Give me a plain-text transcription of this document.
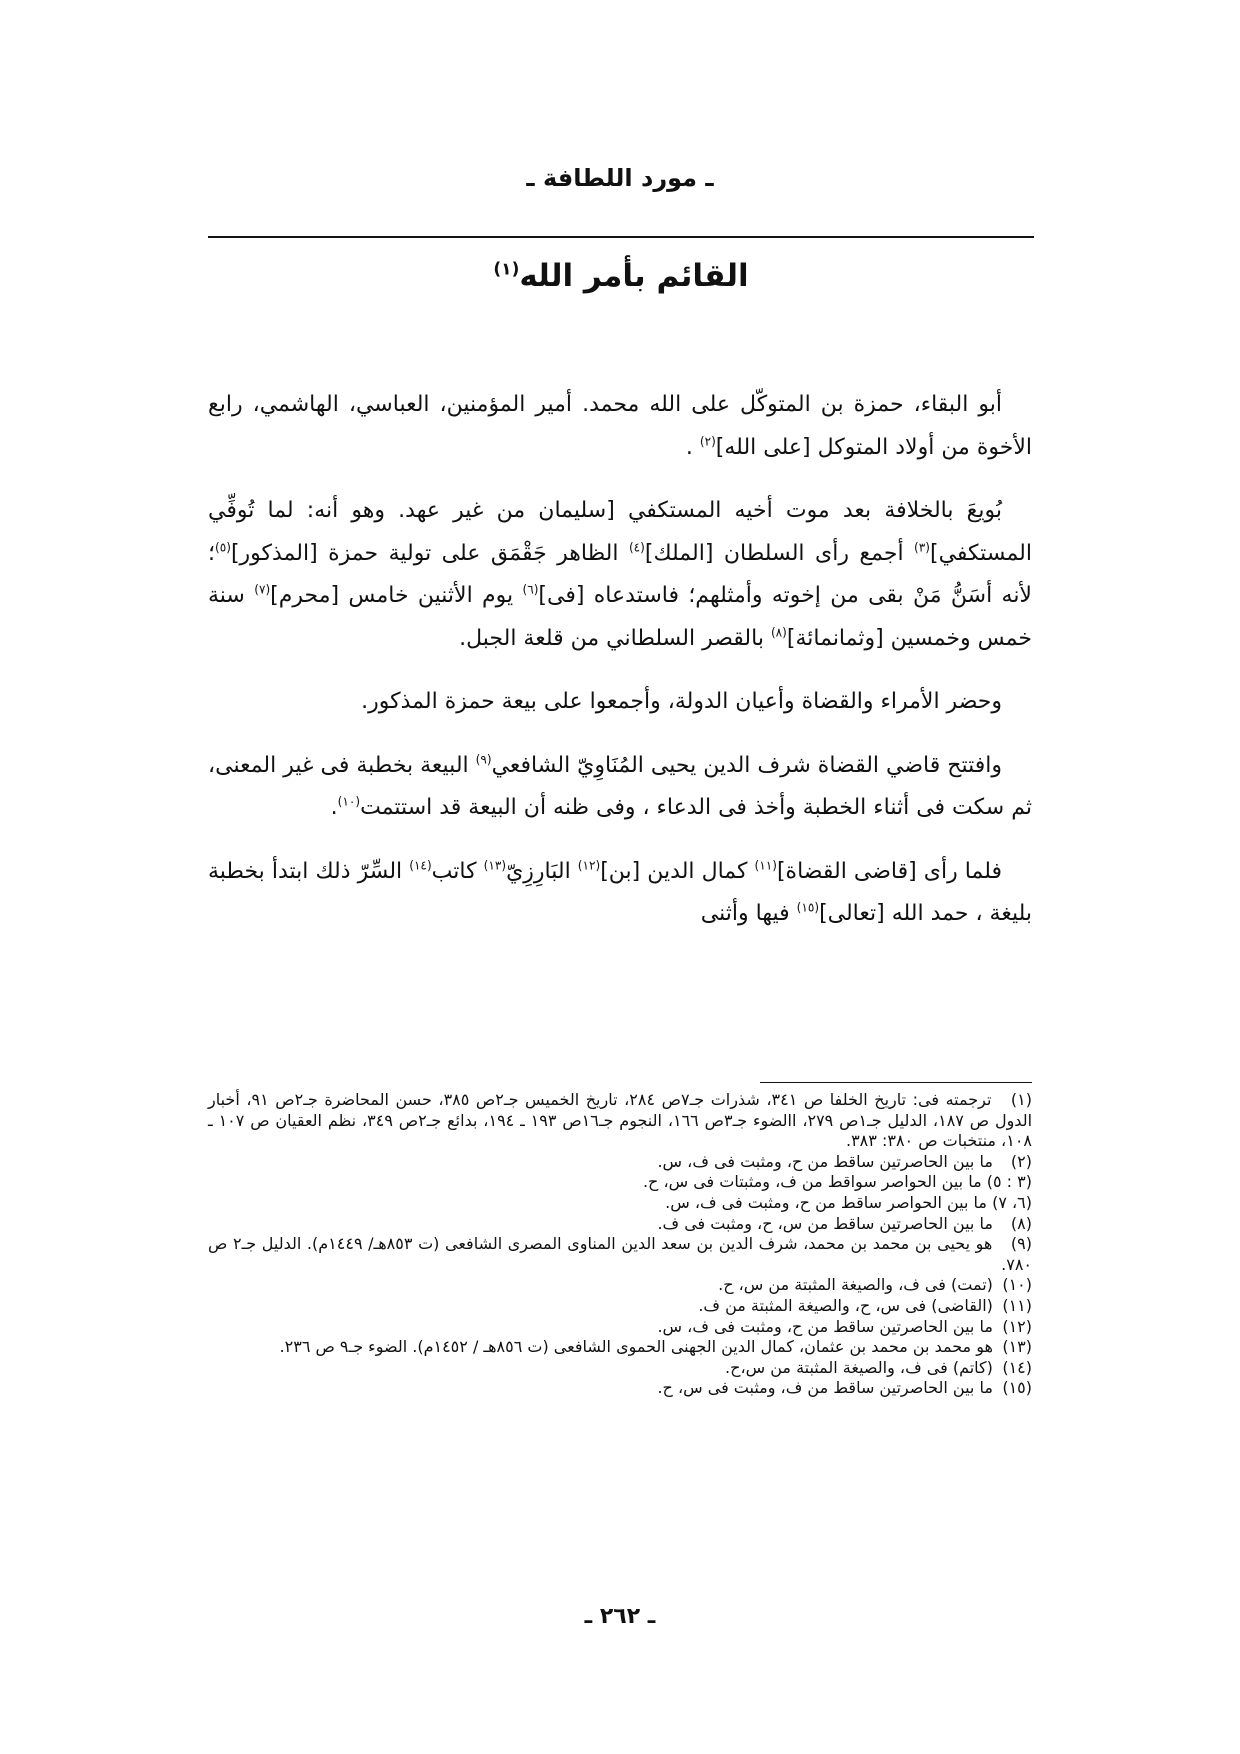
ـ مورد اللطافة ـ
القائم بأمر الله$^{(١)}$

أبو البقاء، حمزة بن المتوكّل على الله محمد. أمير المؤمنين، العباسي، الهاشمي، رابع الأخوة من أولاد المتوكل [على الله]$^{(٢)}$ .

بُويعَ بالخلافة بعد موت أخيه المستكفي [سليمان من غير عهد. وهو أنه: لما تُوفِّي المستكفي]$^{(٣)}$ أجمع رأى السلطان [الملك]$^{(٤)}$ الظاهر جَقْمَق على تولية حمزة [المذكور]$^{(٥)}$؛ لأنه أسَنُّ مَنْ بقى من إخوته وأمثلهم؛ فاستدعاه [فى]$^{(٦)}$ يوم الأثنين خامس [محرم]$^{(٧)}$ سنة خمس وخمسين [وثمانمائة]$^{(٨)}$ بالقصر السلطاني من قلعة الجبل.

وحضر الأمراء والقضاة وأعيان الدولة، وأجمعوا على بيعة حمزة المذكور.

وافتتح قاضي القضاة شرف الدين يحيى المُنَاوِيّ الشافعي$^{(٩)}$ البيعة بخطبة فى غير المعنى، ثم سكت فى أثناء الخطبة وأخذ فى الدعاء ، وفى ظنه أن البيعة قد استتمت$^{(١٠)}$.

فلما رأى [قاضى القضاة]$^{(١١)}$ كمال الدين [بن]$^{(١٢)}$ البَارِزِيّ$^{(١٣)}$ كاتب$^{(١٤)}$ السِّرّ ذلك ابتدأ بخطبة بليغة ، حمد الله [تعالى]$^{(١٥)}$ فيها وأثنى

(١) ترجمته فى: تاريخ الخلفا ص ٣٤١، شذرات جـ٧ص ٢٨٤، تاريخ الخميس جـ٢ص ٣٨٥، حسن المحاضرة جـ٢ص ٩١، أخبار الدول ص ١٨٧، الدليل جـ١ص ٢٧٩، االضوء جـ٣ص ١٦٦، النجوم جـ١٦ص ١٩٣ ـ ١٩٤، بدائع جـ٢ص ٣٤٩، نظم العقيان ص ١٠٧ ـ ١٠٨، منتخبات ص ٣٨٠: ٣٨٣.

(٢) ما بين الحاصرتين ساقط من ح، ومثبت فى ف، س.

(٣ : ٥) ما بين الحواصر سواقط من ف، ومثبتات فى س، ح.

(٦، ٧) ما بين الحواصر ساقط من ح، ومثبت فى ف، س.

(٨) ما بين الحاصرتين ساقط من س، ح، ومثبت فى ف.

(٩) هو يحيى بن محمد بن محمد، شرف الدين بن سعد الدين المناوى المصرى الشافعى (ت ٨٥٣هـ/ ١٤٤٩م). الدليل جـ٢ ص ٧٨٠.

(١٠) (تمت) فى ف، والصيغة المثبتة من س، ح.

(١١) (القاضى) فى س، ح، والصيغة المثبتة من ف.

(١٢) ما بين الحاصرتين ساقط من ح، ومثبت فى ف، س.

(١٣) هو محمد بن محمد بن عثمان، كمال الدين الجهنى الحموى الشافعى (ت ٨٥٦هـ / ١٤٥٢م). الضوء جـ٩ ص ٢٣٦.

(١٤) (كاتم) فى ف، والصيغة المثبتة من س،ح.

(١٥) ما بين الحاصرتين ساقط من ف، ومثبت فى س، ح.

ـ ٢٦٢ ـ
